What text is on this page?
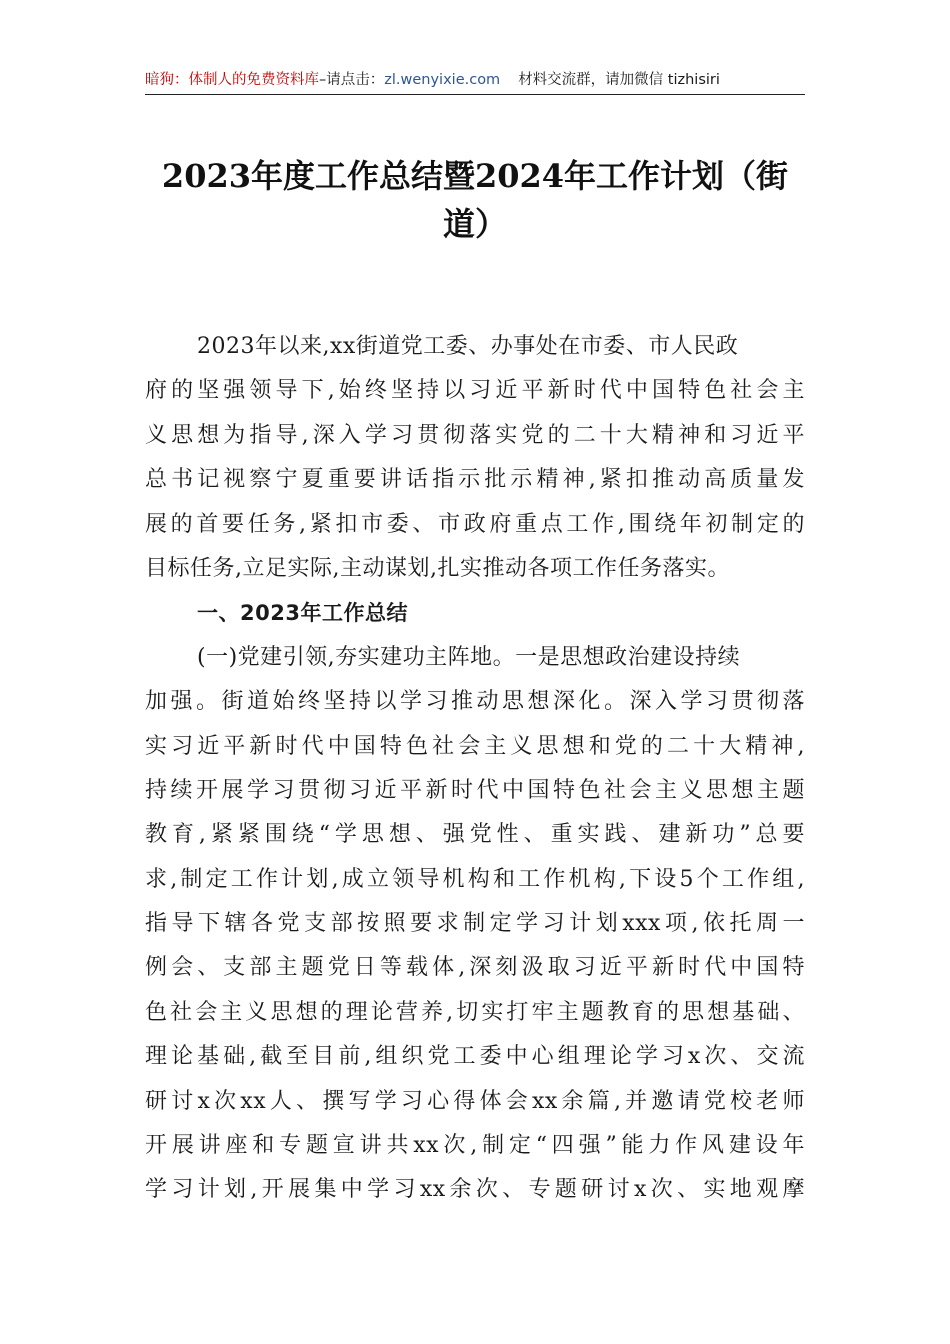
暗狗：体制人的免费资料库–请点击：zl.wenyixie.com 材料交流群，请加微信 tizhisiri
2023年度工作总结暨2024年工作计划（街
道）
2023年以来,xx街道党工委、办事处在市委、市人民政
府的坚强领导下,始终坚持以习近平新时代中国特色社会主
义思想为指导,深入学习贯彻落实党的二十大精神和习近平
总书记视察宁夏重要讲话指示批示精神,紧扣推动高质量发
展的首要任务,紧扣市委、市政府重点工作,围绕年初制定的
目标任务,立足实际,主动谋划,扎实推动各项工作任务落实。
一、2023年工作总结
(一)党建引领,夯实建功主阵地。一是思想政治建设持续
加强。街道始终坚持以学习推动思想深化。深入学习贯彻落
实习近平新时代中国特色社会主义思想和党的二十大精神,
持续开展学习贯彻习近平新时代中国特色社会主义思想主题
教育,紧紧围绕“学思想、强党性、重实践、建新功”总要
求,制定工作计划,成立领导机构和工作机构,下设5个工作组,
指导下辖各党支部按照要求制定学习计划xxx项,依托周一
例会、支部主题党日等载体,深刻汲取习近平新时代中国特
色社会主义思想的理论营养,切实打牢主题教育的思想基础、
理论基础,截至目前,组织党工委中心组理论学习x次、交流
研讨x次xx人、撰写学习心得体会xx余篇,并邀请党校老师
开展讲座和专题宣讲共xx次,制定“四强”能力作风建设年
学习计划,开展集中学习xx余次、专题研讨x次、实地观摩
